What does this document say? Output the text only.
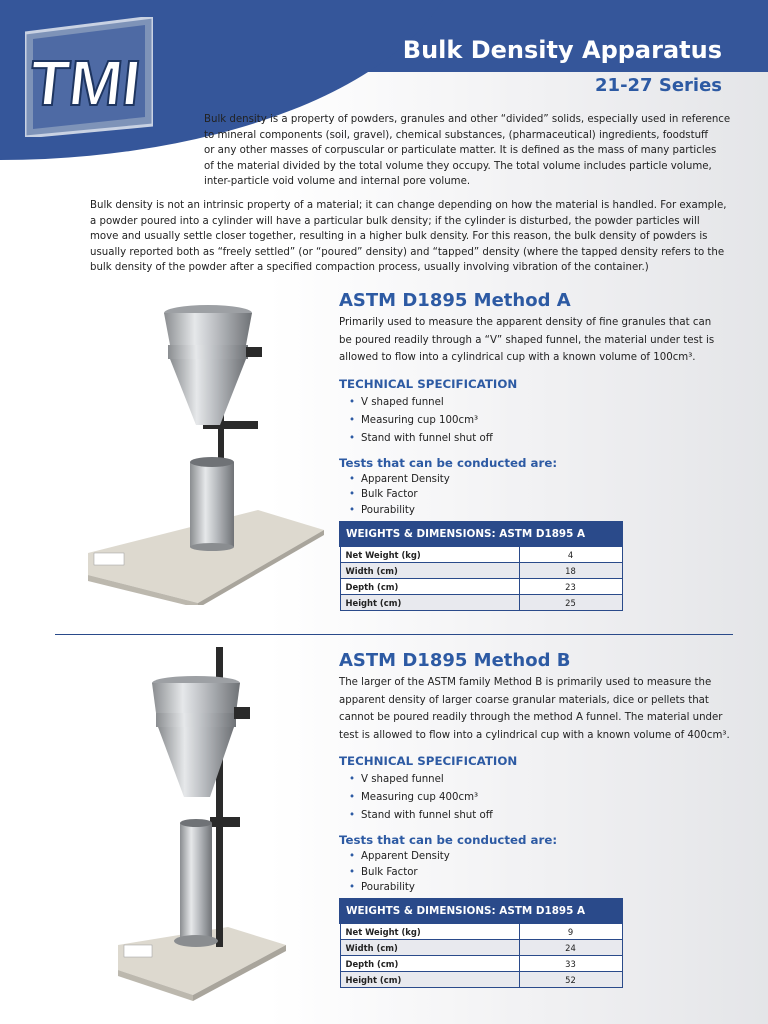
TMI	Bulk Density Apparatus
21-27 Series

Bulk density is a property of powders, granules and other “divided” solids, especially used in reference

to mineral components (soil, gravel), chemical substances, (pharmaceutical) ingredients, foodstuff

or any other masses of corpuscular or particulate matter. It is defined as the mass of many particles

of the material divided by the total volume they occupy. The total volume includes particle volume,

inter-particle void volume and internal pore volume.

Bulk density is not an intrinsic property of a material; it can change depending on how the material is handled. For example,

a powder poured into a cylinder will have a particular bulk density; if the cylinder is disturbed, the powder particles will

move and usually settle closer together, resulting in a higher bulk density. For this reason, the bulk density of powders is

usually reported both as “freely settled” (or “poured” density) and “tapped” density (where the tapped density refers to the

bulk density of the powder after a specified compaction process, usually involving vibration of the container.)

ASTM D1895 Method A

Primarily used to measure the apparent density of fine granules that can
be poured readily through a “V” shaped funnel, the material under test is
allowed to flow into a cylindrical cup with a known volume of 100cm³.

TECHNICAL SPECIFICATION
• V shaped funnel
• Measuring cup 100cm³
• Stand with funnel shut off
Tests that can be conducted are:
• Apparent Density
• Bulk Factor
• Pourability
WEIGHTS & DIMENSIONS: ASTM D1895 A	
Net Weight (kg)	4
Width (cm)	18
Depth (cm)	23
Height (cm)	25
ASTM D1895 Method B

The larger of the ASTM family Method B is primarily used to measure the
apparent density of larger coarse granular materials, dice or pellets that
cannot be poured readily through the method A funnel. The material under
test is allowed to flow into a cylindrical cup with a known volume of 400cm³.

TECHNICAL SPECIFICATION
• V shaped funnel
• Measuring cup 400cm³
• Stand with funnel shut off
Tests that can be conducted are:
• Apparent Density
• Bulk Factor
• Pourability
WEIGHTS & DIMENSIONS: ASTM D1895 A	
Net Weight (kg)	9
Width (cm)	24
Depth (cm)	33
Height (cm)	52
